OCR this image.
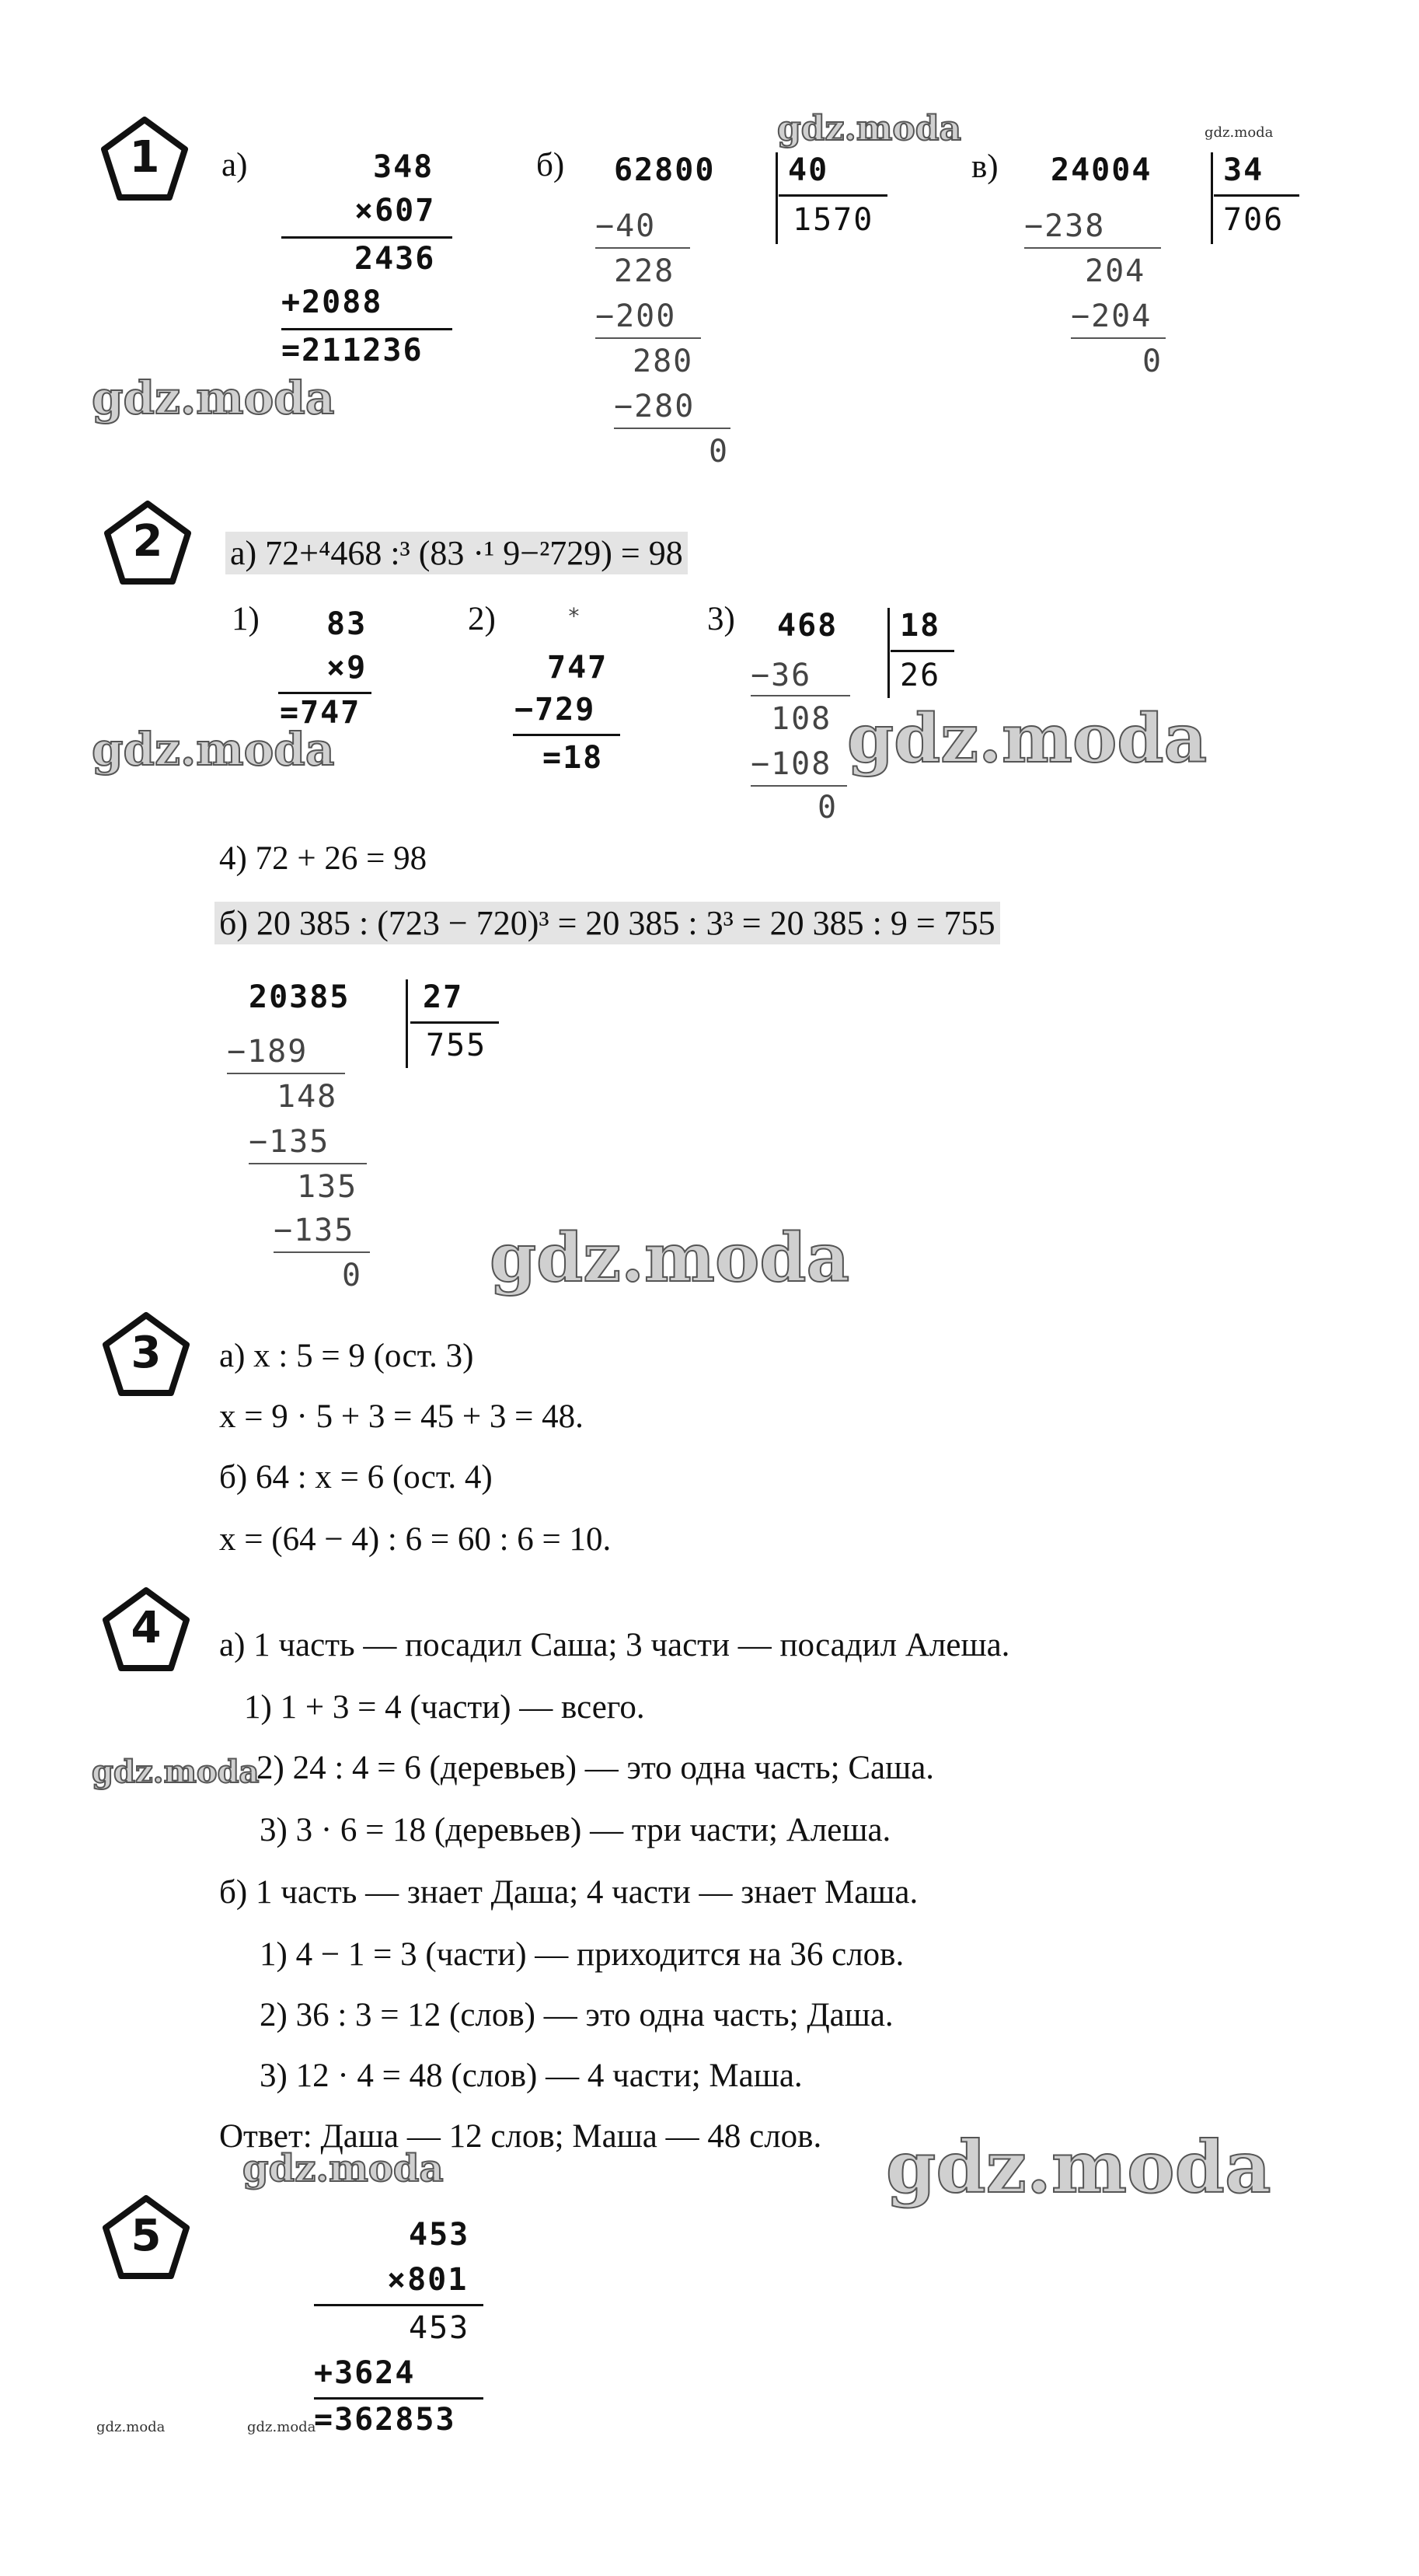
1	а)	348
×607
2436
+2088
=211236
б) 62800 40
1570
−40
228
−200
280
−280
0
в) 24004 34
706
−238
204
−204
0
2	а) 72+⁴468 :³ (83 ·¹ 9−²729) = 98
1) 83
×9
=747
2)	*
747
−729
=18
3) 468 18
26
−36
108
−108
0
4) 72 + 26 = 98
б) 20 385 : (723 − 720)³ = 20 385 : 3³ = 20 385 : 9 = 755
20385 27
755
−189
148
−135
135
−135
0
3	а) x : 5 = 9 (ост. 3)
x = 9 · 5 + 3 = 45 + 3 = 48.
б) 64 : x = 6 (ост. 4)
x = (64 − 4) : 6 = 60 : 6 = 10.
4	а) 1 часть — посадил Саша; 3 части — посадил Алеша.
1) 1 + 3 = 4 (части) — всего.
2) 24 : 4 = 6 (деревьев) — это одна часть; Саша.
3) 3 · 6 = 18 (деревьев) — три части; Алеша.
б) 1 часть — знает Даша; 4 части — знает Маша.
1) 4 − 1 = 3 (части) — приходится на 36 слов.
2) 36 : 3 = 12 (слов) — это одна часть; Даша.
3) 12 · 4 = 48 (слов) — 4 части; Маша.
Ответ: Даша — 12 слов; Маша — 48 слов.
5	453
×801
453
+3624
=362853
gdz.moda	gdz.moda
gdz.moda
gdz.moda	gdz.moda
gdz.moda
gdz.moda
gdz.moda	gdz.moda
gdz.moda	gdz.moda
